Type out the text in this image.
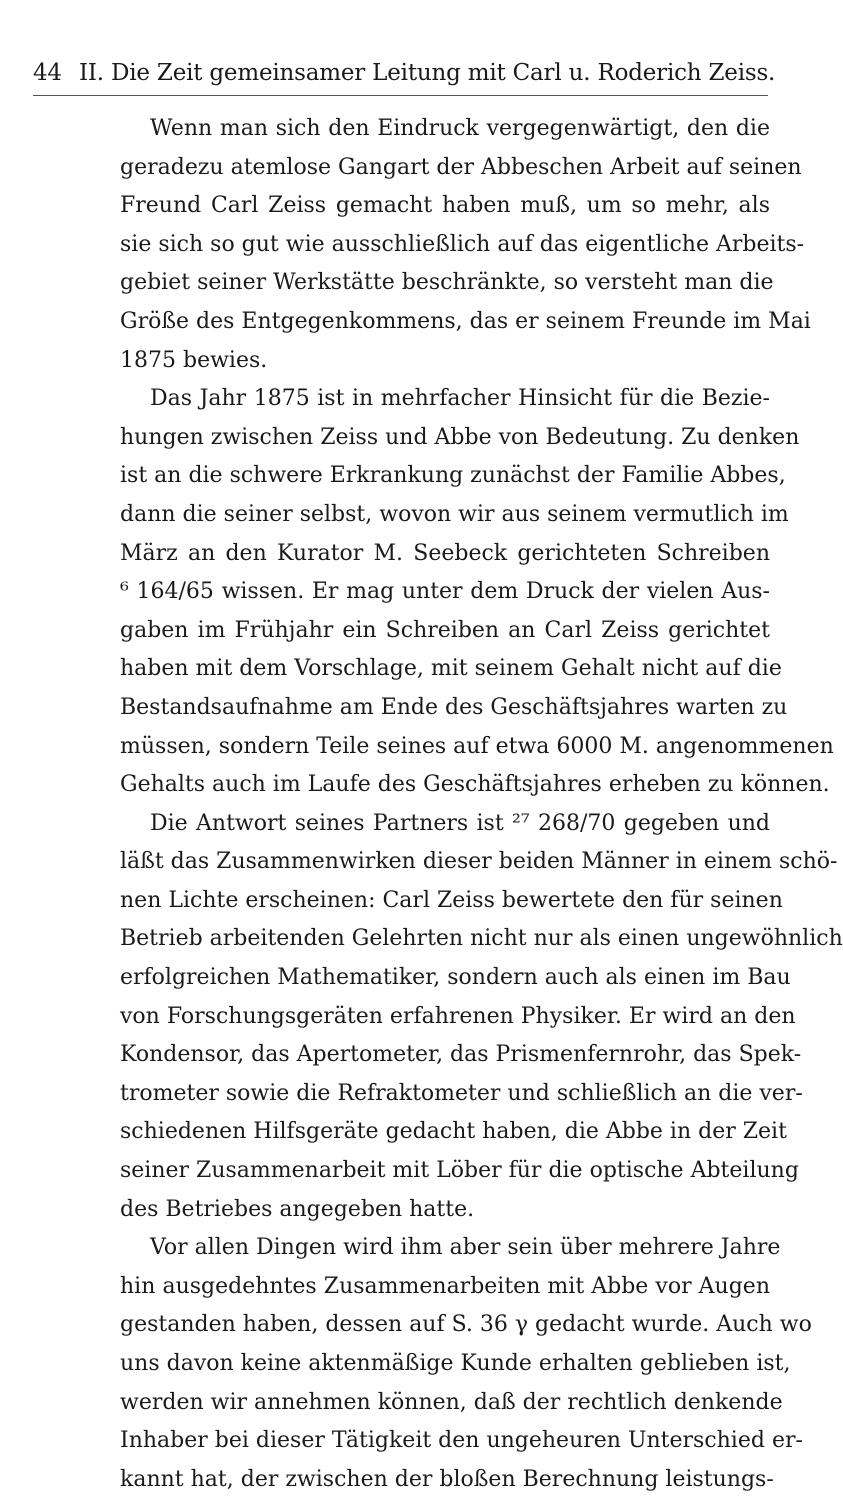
44 II. Die Zeit gemeinsamer Leitung mit Carl u. Roderich Zeiss.
Wenn man sich den Eindruck vergegenwärtigt, den die
geradezu atemlose Gangart der Abbeschen Arbeit auf seinen
Freund Carl Zeiss gemacht haben muß, um so mehr, als
sie sich so gut wie ausschließlich auf das eigentliche Arbeits-
gebiet seiner Werkstätte beschränkte, so versteht man die
Größe des Entgegenkommens, das er seinem Freunde im Mai
1875 bewies.
Das Jahr 1875 ist in mehrfacher Hinsicht für die Bezie-
hungen zwischen Zeiss und Abbe von Bedeutung. Zu denken
ist an die schwere Erkrankung zunächst der Familie Abbes,
dann die seiner selbst, wovon wir aus seinem vermutlich im
März an den Kurator M. Seebeck gerichteten Schreiben
⁶ 164/65 wissen. Er mag unter dem Druck der vielen Aus-
gaben im Frühjahr ein Schreiben an Carl Zeiss gerichtet
haben mit dem Vorschlage, mit seinem Gehalt nicht auf die
Bestandsaufnahme am Ende des Geschäftsjahres warten zu
müssen, sondern Teile seines auf etwa 6000 M. angenommenen
Gehalts auch im Laufe des Geschäftsjahres erheben zu können.
Die Antwort seines Partners ist ²⁷ 268/70 gegeben und
läßt das Zusammenwirken dieser beiden Männer in einem schö-
nen Lichte erscheinen: Carl Zeiss bewertete den für seinen
Betrieb arbeitenden Gelehrten nicht nur als einen ungewöhnlich
erfolgreichen Mathematiker, sondern auch als einen im Bau
von Forschungsgeräten erfahrenen Physiker. Er wird an den
Kondensor, das Apertometer, das Prismenfernrohr, das Spek-
trometer sowie die Refraktometer und schließlich an die ver-
schiedenen Hilfsgeräte gedacht haben, die Abbe in der Zeit
seiner Zusammenarbeit mit Löber für die optische Abteilung
des Betriebes angegeben hatte.
Vor allen Dingen wird ihm aber sein über mehrere Jahre
hin ausgedehntes Zusammenarbeiten mit Abbe vor Augen
gestanden haben, dessen auf S. 36 γ gedacht wurde. Auch wo
uns davon keine aktenmäßige Kunde erhalten geblieben ist,
werden wir annehmen können, daß der rechtlich denkende
Inhaber bei dieser Tätigkeit den ungeheuren Unterschied er-
kannt hat, der zwischen der bloßen Berechnung leistungs-
